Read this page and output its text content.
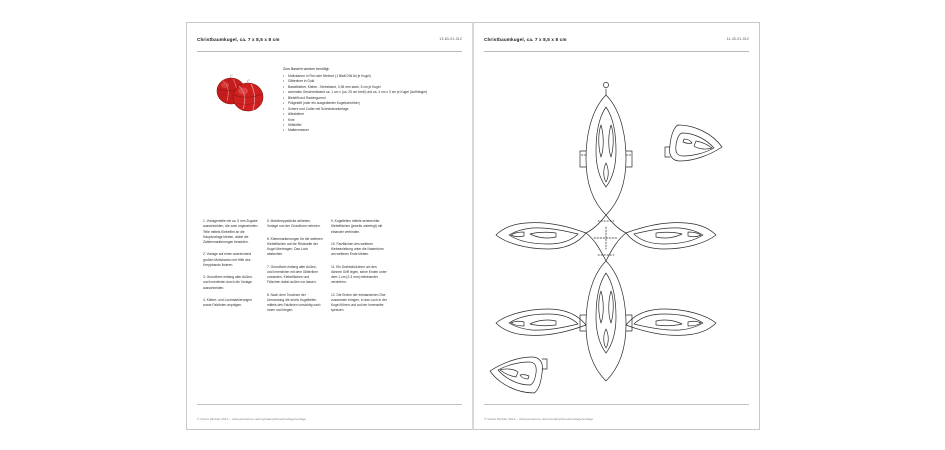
Christbaumkugel, ca. 7 x 8,5 x 8 cm	13-63-01-012
Zum Basteln werden benötigt:
• Motivkarton in Rot oder Nielmot (1 Blatt DIN A4 je Kugel)
• Glitterliner in Gold
• Bastelkleber, Kleber - Klebeband, 0,35 mm stark, 5 cm je Kugel
• schmales Geschenkband ca. 1 cm x (ca. 25 cm breit) und ca. 4 cm x 3 cm je Kugel (Aufhänger)
• Bleistift und Radiergummi
• Prägestift (oder ein ausgedienter Kugelschreiber)
• Schere und Cutter mit Schneideunterlage
• Alleskleber
• Knie
• Hilfslöffel
• Mattenmesser

1. Vorlagenteile mit ca. 5 mm Zugabe ausschneiden, die zwei ungerahmten Teile mittels Klebefilm an die Hauptvorlage kleben, dabei die Zahlenmarkierungen beachten.

2. Vorlage auf einen ausreichend großen Motivkarton mit Hilfe des Kreppbands fixieren.

3. Grundform entlang aller Außen- und Innenlinien durch die Vorlage ausschneiden.

4. Kleber- und Lochmarkierungen sowie Falzlinien anprägen.

5. Motivkreppstücke abheben, Vorlage von der Grundform nehmen.

6. Klebemarkierungen für die weiteren Klebeflächen auf die Rückseite der Kugel übertragen. Das Loch abstechen.

7. Grundform entlang aller Außen- und Innenlinien mit dem Glitterliner umranden, Klebeflächen und Fälzchen dabei außen vor lassen.

8. Nach dem Trocknen der Umrandung die sechs Kugelteilen mittels des Falzlinien vorsichtig nach innen und biegen.

9. Kugelteilen mittels senkrechter Klebeflächen (jeweils unterlegt) mit einander verbinden.

10. Falzflächen des weiteren Klebeanleitung unter die Nasenform am weiteren Ende kleben.

11. Ein Drahtstückchen um den dünnen Griff legen, seine Enden unter dem 1 cm (2-3 mm) miteinander verdrehen.

12. Die Enden der entstandenen Öse zusammen bringen, in das Loch in der Kugel führen und auf der Innenseite spreizen.

© Vicina Zimbler 2014 – www.pusherme.net/my/stamp/bmsel/vorlage/vorlage
Christbaumkugel, ca. 7 x 8,5 x 8 cm	11-43-01-012
© Vicina Zimbler 2014 – www.pusherme.net/my/stamp/bmsel/vorlage/vorlage
